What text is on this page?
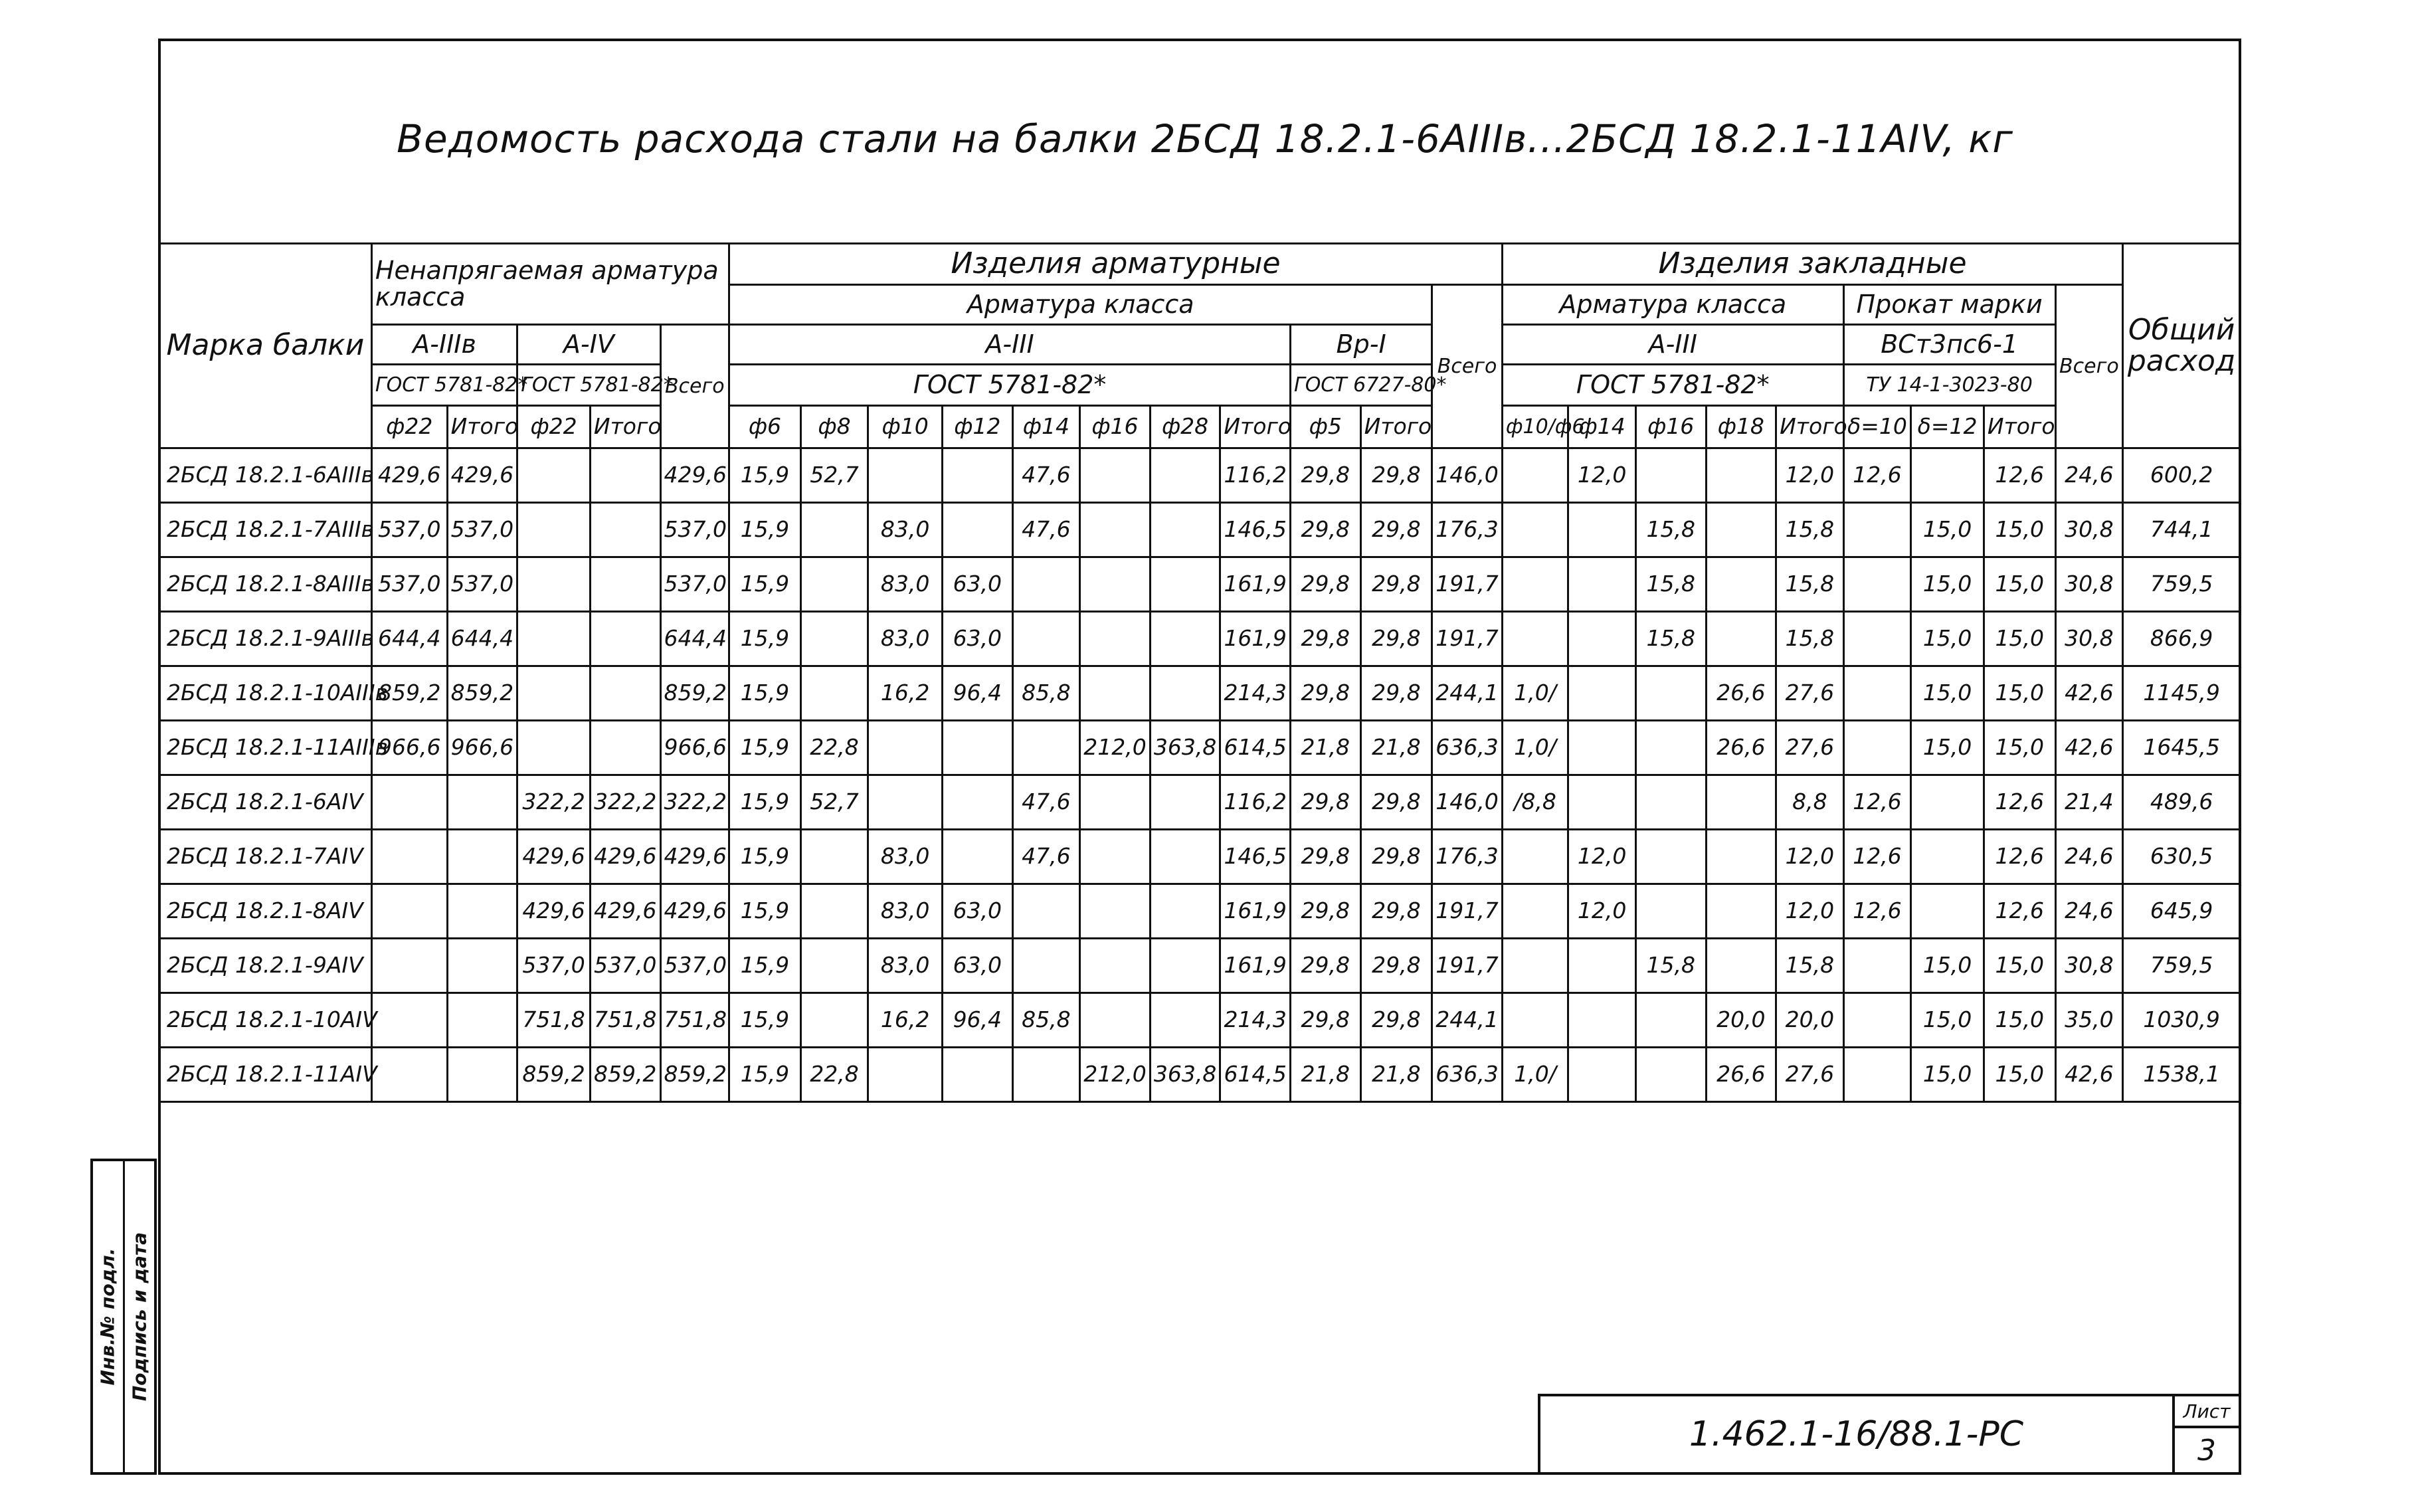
Ведомость расхода стали на балки 2БСД 18.2.1-6АIIIв...2БСД 18.2.1-11АIV, кг
Марка балки	Ненапрягаемая арматура класса					Изделия арматурные											Изделия закладные									Общий расход
						Арматура класса										Всего	Арматура класса					Прокат марки			Всего	
	А-IIIв		А-IV		Всего	А-III								Вр-I			А-III					ВСт3пс6-1				
	ГОСТ 5781-82*		ГОСТ 5781-82*			ГОСТ 5781-82*								ГОСТ 6727-80*			ГОСТ 5781-82*					ТУ 14-1-3023-80				
	ф22	Итого	ф22	Итого		ф6	ф8	ф10	ф12	ф14	ф16	ф28	Итого	ф5	Итого		ф10/ф6	ф14	ф16	ф18	Итого	δ=10	δ=12	Итого		
2БСД 18.2.1-6АIIIв	429,6	429,6			429,6	15,9	52,7			47,6			116,2	29,8	29,8	146,0		12,0			12,0	12,6		12,6	24,6	600,2
2БСД 18.2.1-7АIIIв	537,0	537,0			537,0	15,9		83,0		47,6			146,5	29,8	29,8	176,3			15,8		15,8		15,0	15,0	30,8	744,1
2БСД 18.2.1-8АIIIв	537,0	537,0			537,0	15,9		83,0	63,0				161,9	29,8	29,8	191,7			15,8		15,8		15,0	15,0	30,8	759,5
2БСД 18.2.1-9АIIIв	644,4	644,4			644,4	15,9		83,0	63,0				161,9	29,8	29,8	191,7			15,8		15,8		15,0	15,0	30,8	866,9
2БСД 18.2.1-10АIIIв	859,2	859,2			859,2	15,9		16,2	96,4	85,8			214,3	29,8	29,8	244,1	1,0/			26,6	27,6		15,0	15,0	42,6	1145,9
2БСД 18.2.1-11АIIIв	966,6	966,6			966,6	15,9	22,8				212,0	363,8	614,5	21,8	21,8	636,3	1,0/			26,6	27,6		15,0	15,0	42,6	1645,5
2БСД 18.2.1-6АIV			322,2	322,2	322,2	15,9	52,7			47,6			116,2	29,8	29,8	146,0	/8,8				8,8	12,6		12,6	21,4	489,6
2БСД 18.2.1-7АIV			429,6	429,6	429,6	15,9		83,0		47,6			146,5	29,8	29,8	176,3		12,0			12,0	12,6		12,6	24,6	630,5
2БСД 18.2.1-8АIV			429,6	429,6	429,6	15,9		83,0	63,0				161,9	29,8	29,8	191,7		12,0			12,0	12,6		12,6	24,6	645,9
2БСД 18.2.1-9АIV			537,0	537,0	537,0	15,9		83,0	63,0				161,9	29,8	29,8	191,7			15,8		15,8		15,0	15,0	30,8	759,5
2БСД 18.2.1-10АIV			751,8	751,8	751,8	15,9		16,2	96,4	85,8			214,3	29,8	29,8	244,1				20,0	20,0		15,0	15,0	35,0	1030,9
2БСД 18.2.1-11АIV			859,2	859,2	859,2	15,9	22,8				212,0	363,8	614,5	21,8	21,8	636,3	1,0/			26,6	27,6		15,0	15,0	42,6	1538,1
1.462.1-16/88.1-РС
Лист
3
Инв.№ подл. Подпись и дата
